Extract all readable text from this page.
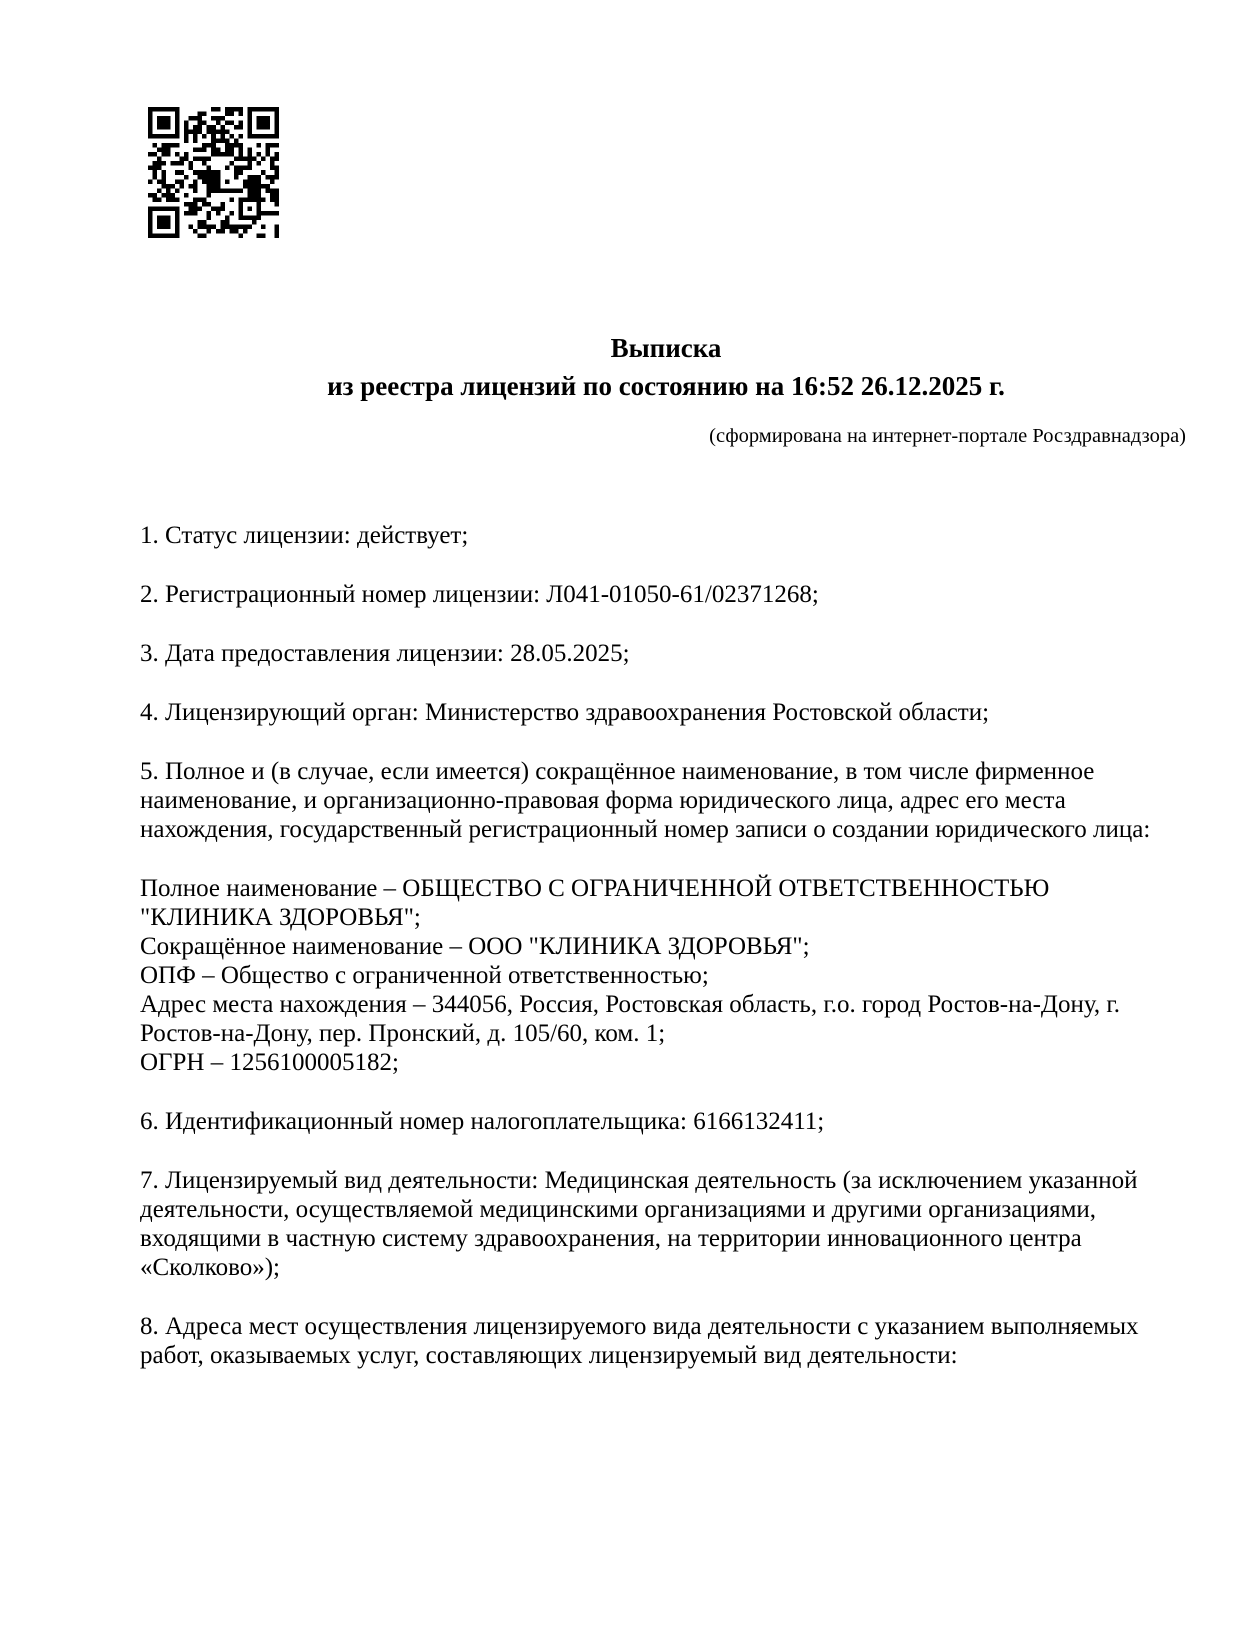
Выписка
из реестра лицензий по состоянию на 16:52 26.12.2025 г.
(сформирована на интернет-портале Росздравнадзора)
1. Статус лицензии: действует;
2. Регистрационный номер лицензии: Л041-01050-61/02371268;
3. Дата предоставления лицензии: 28.05.2025;
4. Лицензирующий орган: Министерство здравоохранения Ростовской области;
5. Полное и (в случае, если имеется) сокращённое наименование, в том числе фирменное
наименование, и организационно-правовая форма юридического лица, адрес его места
нахождения, государственный регистрационный номер записи о создании юридического лица:
Полное наименование – ОБЩЕСТВО С ОГРАНИЧЕННОЙ ОТВЕТСТВЕННОСТЬЮ
"КЛИНИКА ЗДОРОВЬЯ";
Сокращённое наименование – ООО "КЛИНИКА ЗДОРОВЬЯ";
ОПФ – Общество с ограниченной ответственностью;
Адрес места нахождения – 344056, Россия, Ростовская область, г.о. город Ростов-на-Дону, г.
Ростов-на-Дону, пер. Пронский, д. 105/60, ком. 1;
ОГРН – 1256100005182;
6. Идентификационный номер налогоплательщика: 6166132411;
7. Лицензируемый вид деятельности: Медицинская деятельность (за исключением указанной
деятельности, осуществляемой медицинскими организациями и другими организациями,
входящими в частную систему здравоохранения, на территории инновационного центра
«Сколково»);
8. Адреса мест осуществления лицензируемого вида деятельности с указанием выполняемых
работ, оказываемых услуг, составляющих лицензируемый вид деятельности:
